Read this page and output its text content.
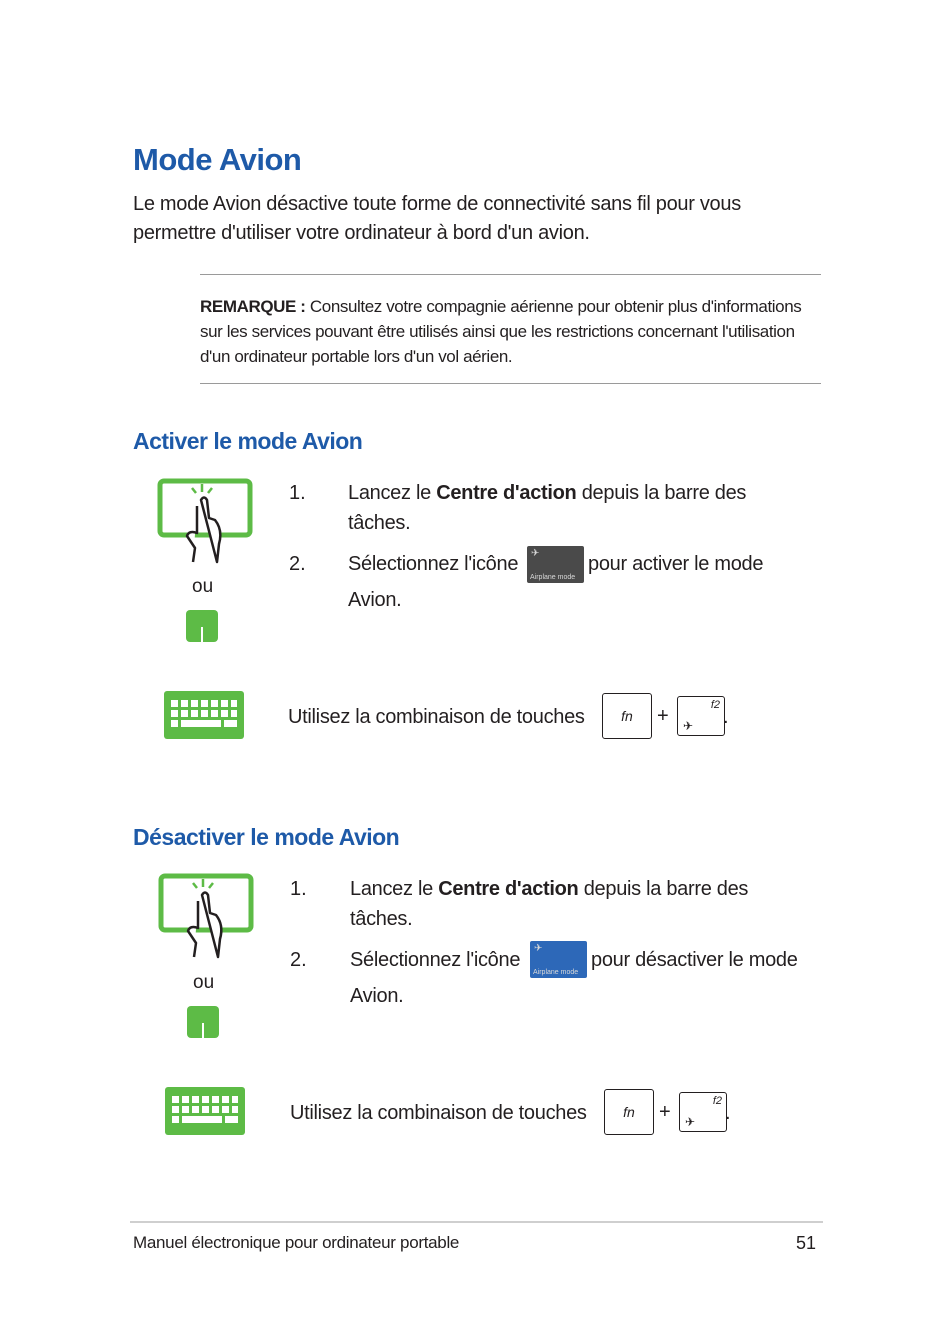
Mode Avion
Le mode Avion désactive toute forme de connectivité sans fil pour vous permettre d'utiliser votre ordinateur à bord d'un avion.
REMARQUE : Consultez votre compagnie aérienne pour obtenir plus d'informations sur les services pouvant être utilisés ainsi que les restrictions concernant l'utilisation d'un ordinateur portable lors d'un vol aérien.
Activer le mode Avion
ou
1. Lancez le Centre d'action depuis la barre des tâches.
2. Sélectionnez l'icône	✈
Airplane mode
pour activer le mode
Avion.
Utilisez la combinaison de touches	fn +	f2
✈ .
Désactiver le mode Avion
ou
1. Lancez le Centre d'action depuis la barre des tâches.
2. Sélectionnez l'icône
✈
Airplane mode
pour désactiver le mode
Avion.
Utilisez la combinaison de touches	fn +	f2
✈ .
Manuel électronique pour ordinateur portable	51
